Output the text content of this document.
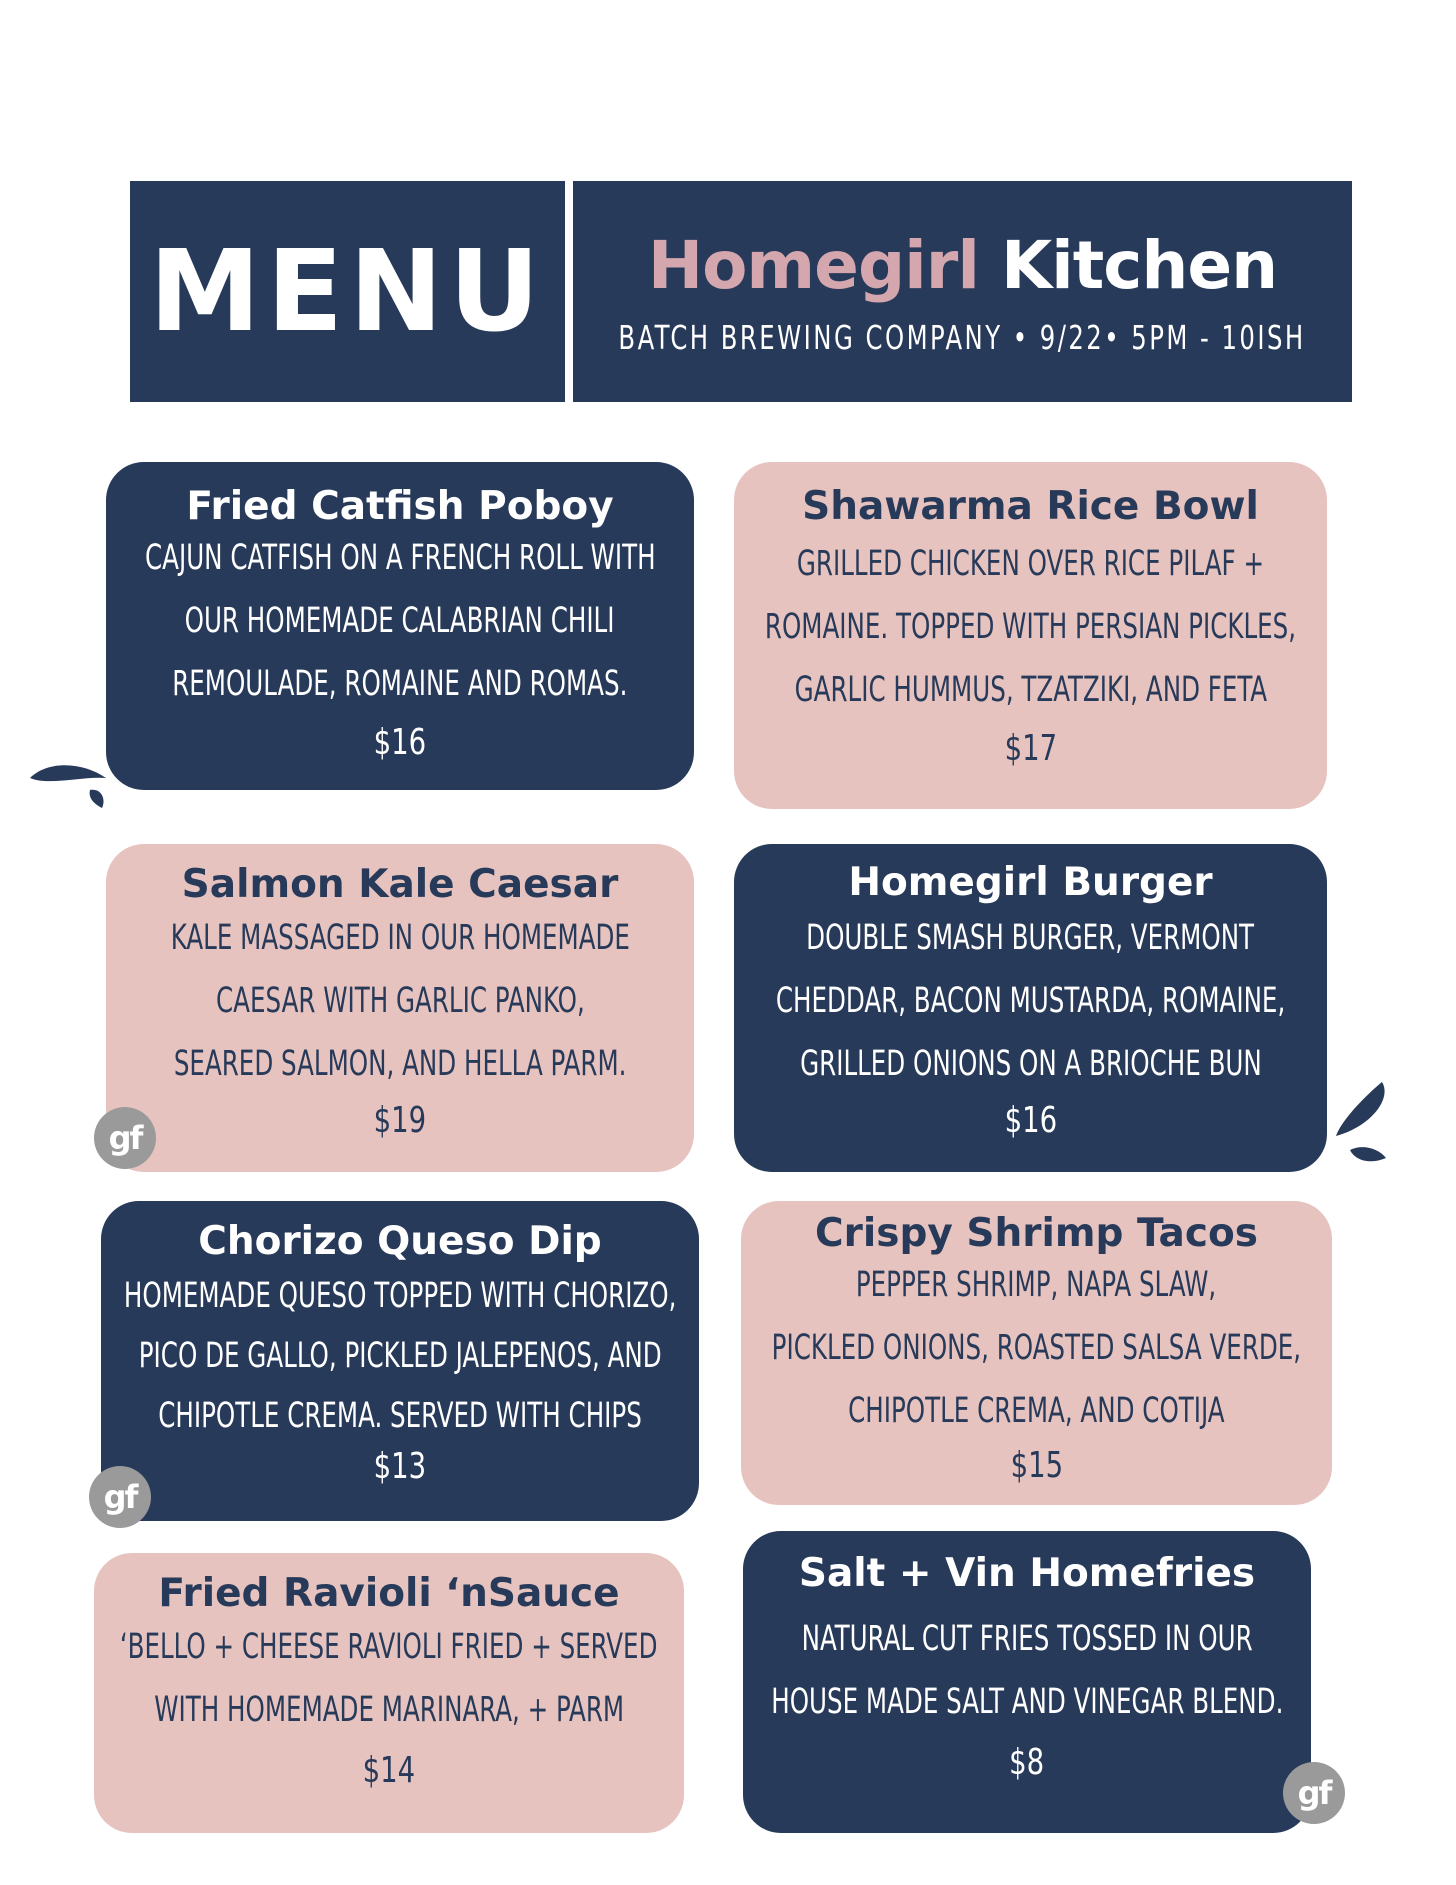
MENU Homegirl Kitchen
BATCH BREWING COMPANY • 9/22• 5PM - 10ISH
Fried Catfish Poboy
CAJUN CATFISH ON A FRENCH ROLL WITH
OUR HOMEMADE CALABRIAN CHILI
REMOULADE, ROMAINE AND ROMAS.
$16
Shawarma Rice Bowl
GRILLED CHICKEN OVER RICE PILAF +
ROMAINE. TOPPED WITH PERSIAN PICKLES,
GARLIC HUMMUS, TZATZIKI, AND FETA
$17
Salmon Kale Caesar
KALE MASSAGED IN OUR HOMEMADE
CAESAR WITH GARLIC PANKO,
SEARED SALMON, AND HELLA PARM.
$19
Homegirl Burger
DOUBLE SMASH BURGER, VERMONT
CHEDDAR, BACON MUSTARDA, ROMAINE,
GRILLED ONIONS ON A BRIOCHE BUN
$16
Chorizo Queso Dip
HOMEMADE QUESO TOPPED WITH CHORIZO,
PICO DE GALLO, PICKLED JALEPENOS, AND
CHIPOTLE CREMA. SERVED WITH CHIPS
$13
Crispy Shrimp Tacos
PEPPER SHRIMP, NAPA SLAW,
PICKLED ONIONS, ROASTED SALSA VERDE,
CHIPOTLE CREMA, AND COTIJA
$15
Fried Ravioli ‘nSauce
‘BELLO + CHEESE RAVIOLI FRIED + SERVED
WITH HOMEMADE MARINARA, + PARM
$14
Salt + Vin Homefries
NATURAL CUT FRIES TOSSED IN OUR
HOUSE MADE SALT AND VINEGAR BLEND.
$8
gf
gf
gf
